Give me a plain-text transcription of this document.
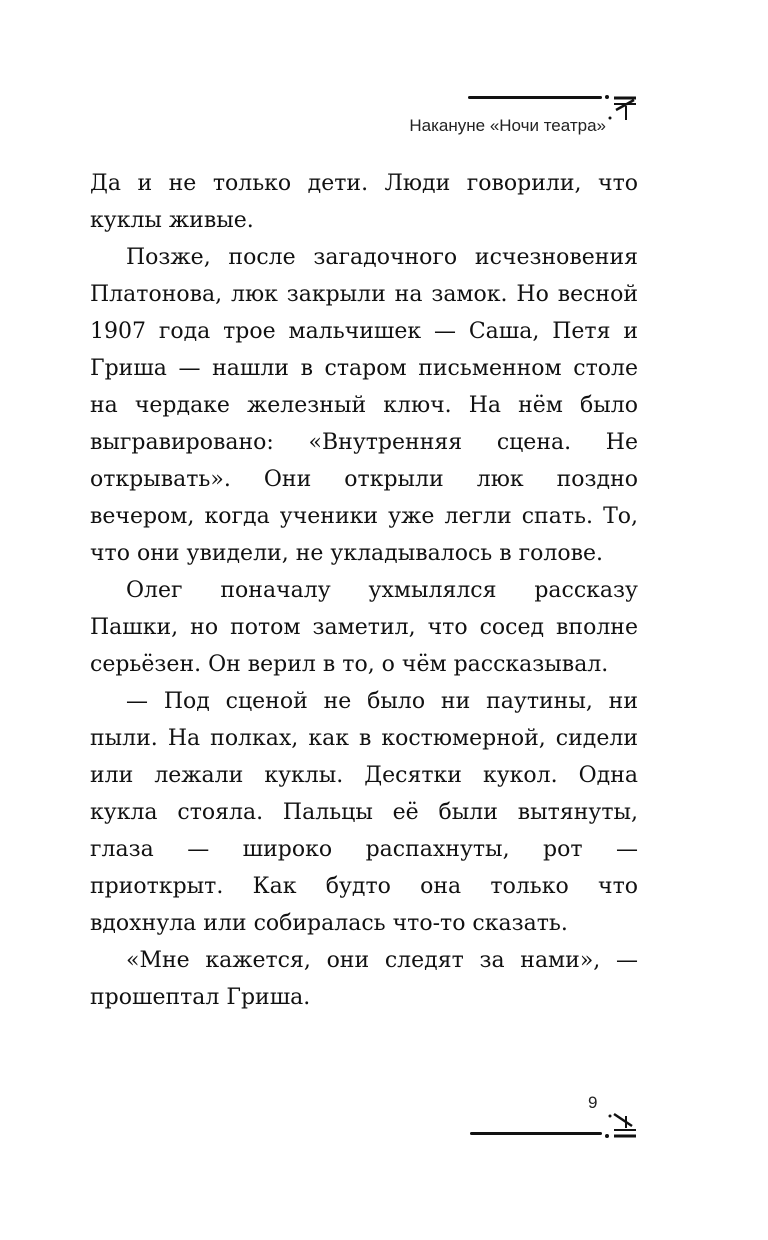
Накануне «Ночи театра»

Да и не только дети. Люди говорили, что куклы живые.

Позже, после загадочного исчезновения Платонова, люк закрыли на замок. Но весной 1907 года трое мальчишек — Саша, Петя и Гриша — нашли в старом письменном столе на чердаке железный ключ. На нём было выгравировано: «Внутренняя сцена. Не открывать». Они открыли люк поздно вечером, когда ученики уже легли спать. То, что они увидели, не укладывалось в голове.

Олег поначалу ухмылялся рассказу Пашки, но потом заметил, что сосед вполне серьёзен. Он верил в то, о чём рассказывал.

— Под сценой не было ни паутины, ни пыли. На полках, как в костюмерной, сидели или лежали куклы. Десятки кукол. Одна кукла стояла. Пальцы её были вытянуты, глаза — широко распахнуты, рот — приоткрыт. Как будто она только что вдохнула или собиралась что-то сказать.

«Мне кажется, они следят за нами», — прошептал Гриша.

9
